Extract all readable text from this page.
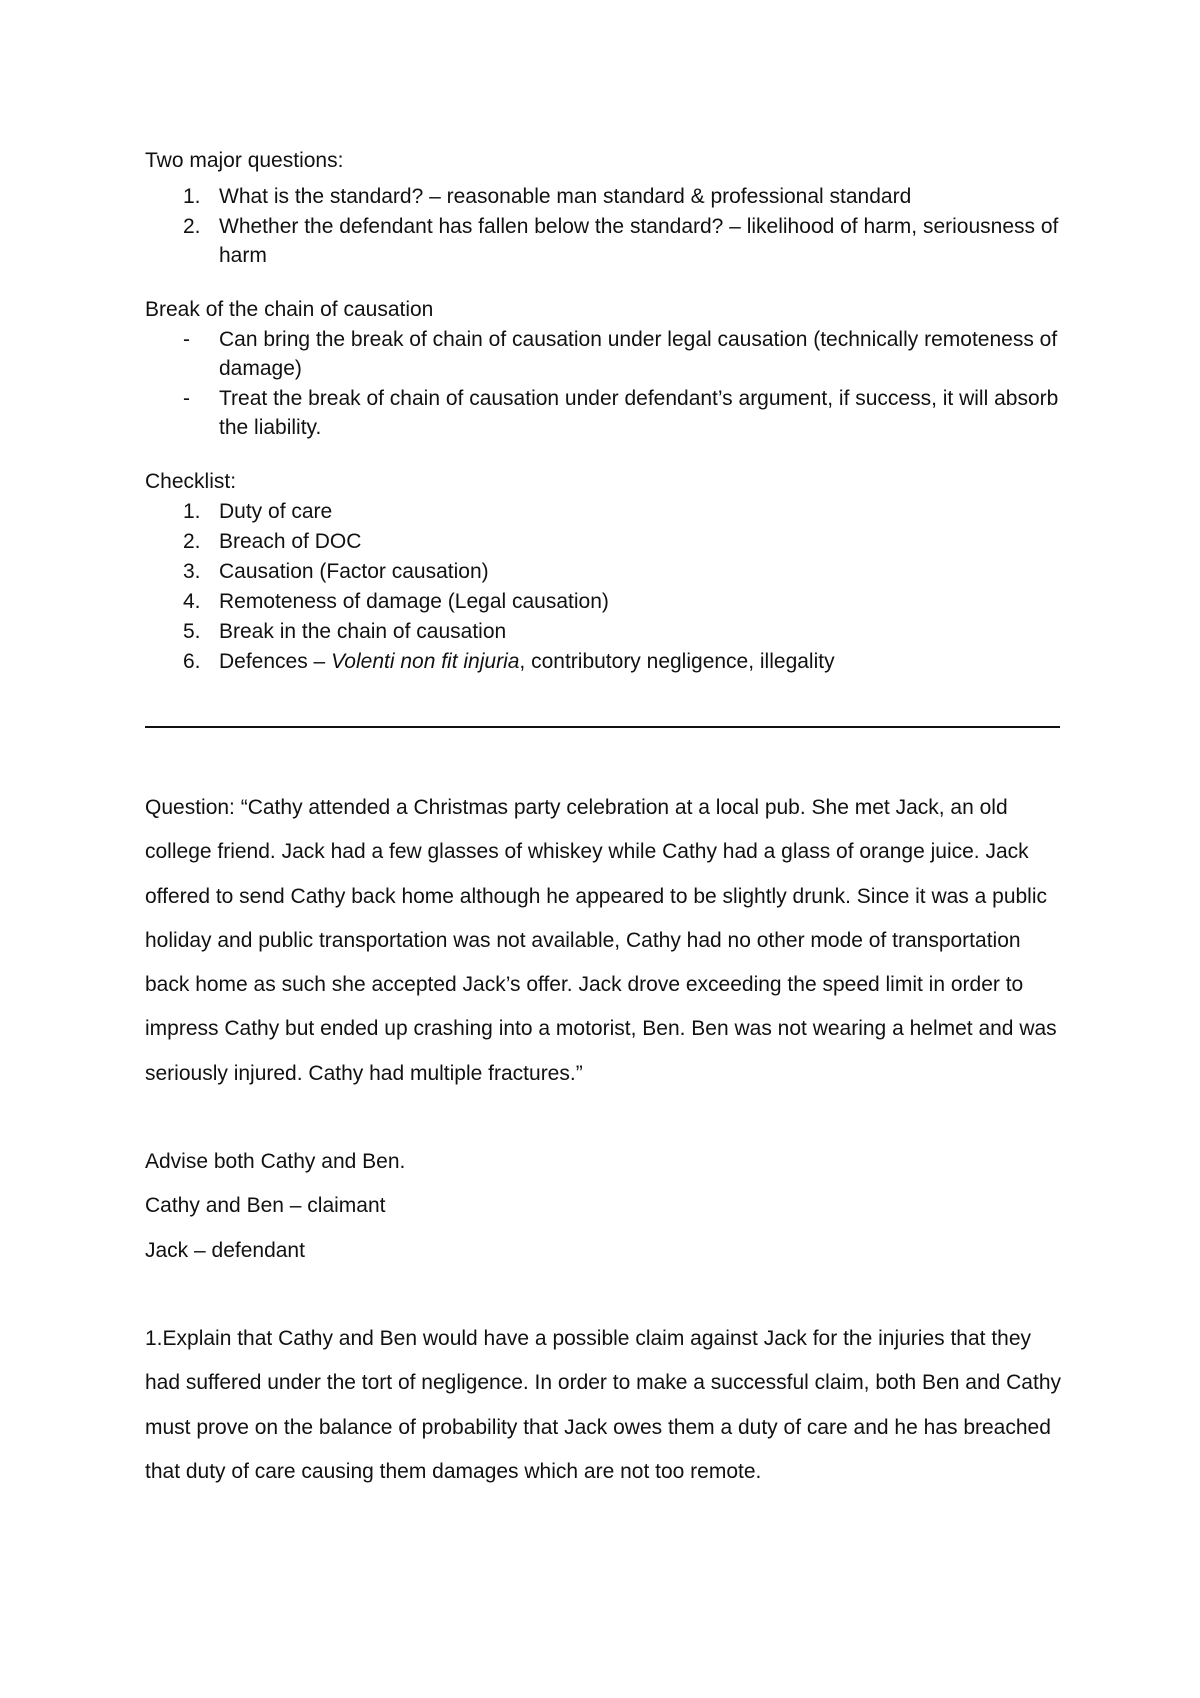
Two major questions:

1. What is the standard? – reasonable man standard & professional standard
2. Whether the defendant has fallen below the standard? – likelihood of harm, seriousness of harm

Break of the chain of causation

- Can bring the break of chain of causation under legal causation (technically remoteness of damage)
- Treat the break of chain of causation under defendant’s argument, if success, it will absorb the liability.

Checklist:

1. Duty of care
2. Breach of DOC
3. Causation (Factor causation)
4. Remoteness of damage (Legal causation)
5. Break in the chain of causation
6. Defences – Volenti non fit injuria, contributory negligence, illegality

Question: “Cathy attended a Christmas party celebration at a local pub. She met Jack, an old college friend. Jack had a few glasses of whiskey while Cathy had a glass of orange juice. Jack offered to send Cathy back home although he appeared to be slightly drunk. Since it was a public holiday and public transportation was not available, Cathy had no other mode of transportation back home as such she accepted Jack’s offer. Jack drove exceeding the speed limit in order to impress Cathy but ended up crashing into a motorist, Ben. Ben was not wearing a helmet and was seriously injured. Cathy had multiple fractures.”

Advise both Cathy and Ben.

Cathy and Ben – claimant

Jack – defendant

1.Explain that Cathy and Ben would have a possible claim against Jack for the injuries that they had suffered under the tort of negligence. In order to make a successful claim, both Ben and Cathy must prove on the balance of probability that Jack owes them a duty of care and he has breached that duty of care causing them damages which are not too remote.
